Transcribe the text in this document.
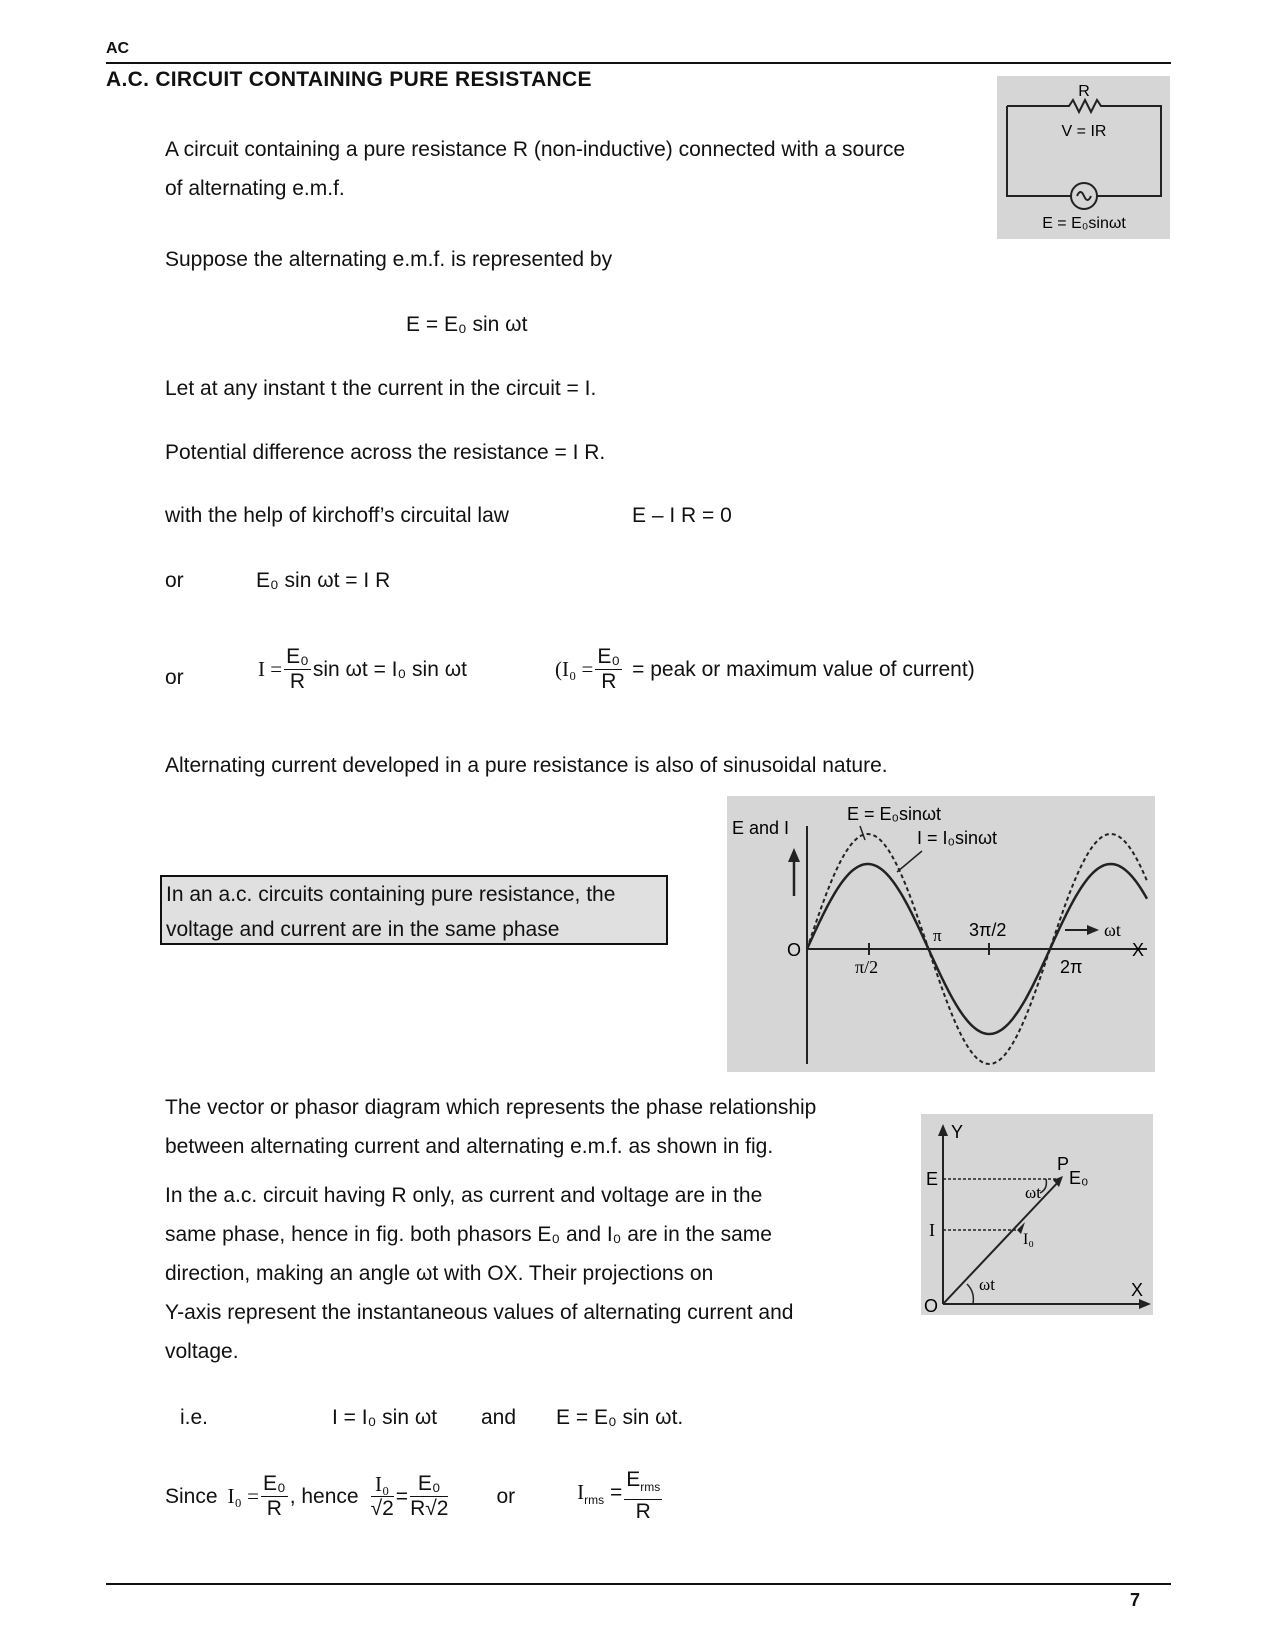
AC
A.C. CIRCUIT CONTAINING PURE RESISTANCE
R
V = IR
E = E₀sinωt
A circuit containing a pure resistance R (non-inductive) connected with a source
of alternating e.m.f.
Suppose the alternating e.m.f. is represented by
E = E₀ sin ωt
Let at any instant t the current in the circuit = I.
Potential difference across the resistance = I R.
with the help of kirchoff’s circuital law	E – I R = 0
or	E₀ sin ωt = I R
or	$I = \frac{\text{E₀}}{R}$ sin ωt = I₀ sin ωt	($I_0 = \frac{\text{E₀}}{R}$ = peak or maximum value of current)
Alternating current developed in a pure resistance is also of sinusoidal nature.
In an a.c. circuits containing pure resistance, the
voltage and current are in the same phase
E and I
E = E₀sinωt
I = I₀sinωt
O
π/2
π 3π/2
2π
ωt
X
The vector or phasor diagram which represents the phase relationship
between alternating current and alternating e.m.f. as shown in fig.
In the a.c. circuit having R only, as current and voltage are in the
same phase, hence in fig. both phasors E₀ and I₀ are in the same
direction, making an angle ωt with OX. Their projections on
Y-axis represent the instantaneous values of alternating current and
voltage.
Y
X
O
E
I
P
E₀
I₀
ωt
ωt
i.e.	I = I₀ sin ωt and E = E₀ sin ωt.
Since $I_0 = \frac{\text{E₀}}{R}$ , hence $\frac{\text{I₀}}{√2} = \frac{\text{E₀}}{R√2}$ or	$I_{rms} = \frac{E_{rms}}{R}$
7
